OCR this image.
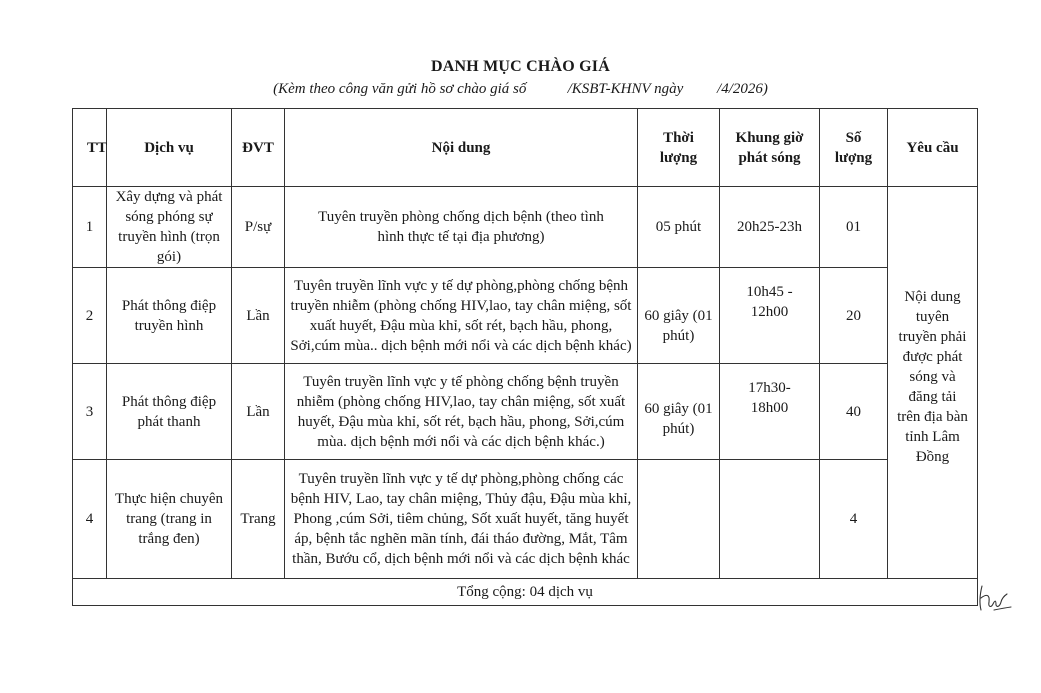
DANH MỤC CHÀO GIÁ
(Kèm theo công văn gửi hồ sơ chào giá số           /KSBT-KHNV ngày         /4/2026)
TT	Dịch vụ	ĐVT	Nội dung	Thời lượng	Khung giờ phát sóng	Số lượng	Yêu cầu
1	Xây dựng và phát sóng phóng sự truyền hình (trọn gói)	P/sự	Tuyên truyền phòng chống dịch bệnh (theo tình hình thực tế tại địa phương)	05 phút	20h25-23h	01	Nội dung tuyên truyền phải được phát sóng và đăng tải trên địa bàn tỉnh Lâm Đồng
2	Phát thông điệp truyền hình	Lần	Tuyên truyền lĩnh vực y tế dự phòng,phòng chống bệnh truyền nhiễm (phòng chống HIV,lao, tay chân miệng, sốt xuất huyết, Đậu mùa khỉ, sốt rét, bạch hầu, phong, Sởi,cúm mùa.. dịch bệnh mới nổi và các dịch bệnh khác)	60 giây (01 phút)	10h45 - 12h00	20	
3	Phát thông điệp phát thanh	Lần	Tuyên truyền lĩnh vực y tế phòng chống bệnh truyền nhiễm (phòng chống HIV,lao, tay chân miệng, sốt xuất huyết, Đậu mùa khỉ, sốt rét, bạch hầu, phong, Sởi,cúm mùa. dịch bệnh mới nổi và các dịch bệnh khác.)	60 giây (01 phút)	17h30- 18h00	40	
4	Thực hiện chuyên trang (trang in trắng đen)	Trang	Tuyên truyền lĩnh vực y tế dự phòng,phòng chống các bệnh HIV, Lao, tay chân miệng, Thủy đậu, Đậu mùa khỉ, Phong ,cúm Sởi, tiêm chủng, Sốt xuất huyết, tăng huyết áp, bệnh tắc nghẽn mãn tính, đái tháo đường, Mắt, Tâm thần, Bướu cổ, dịch bệnh mới nổi và các dịch bệnh khác			4	
Tổng cộng: 04 dịch vụ							
